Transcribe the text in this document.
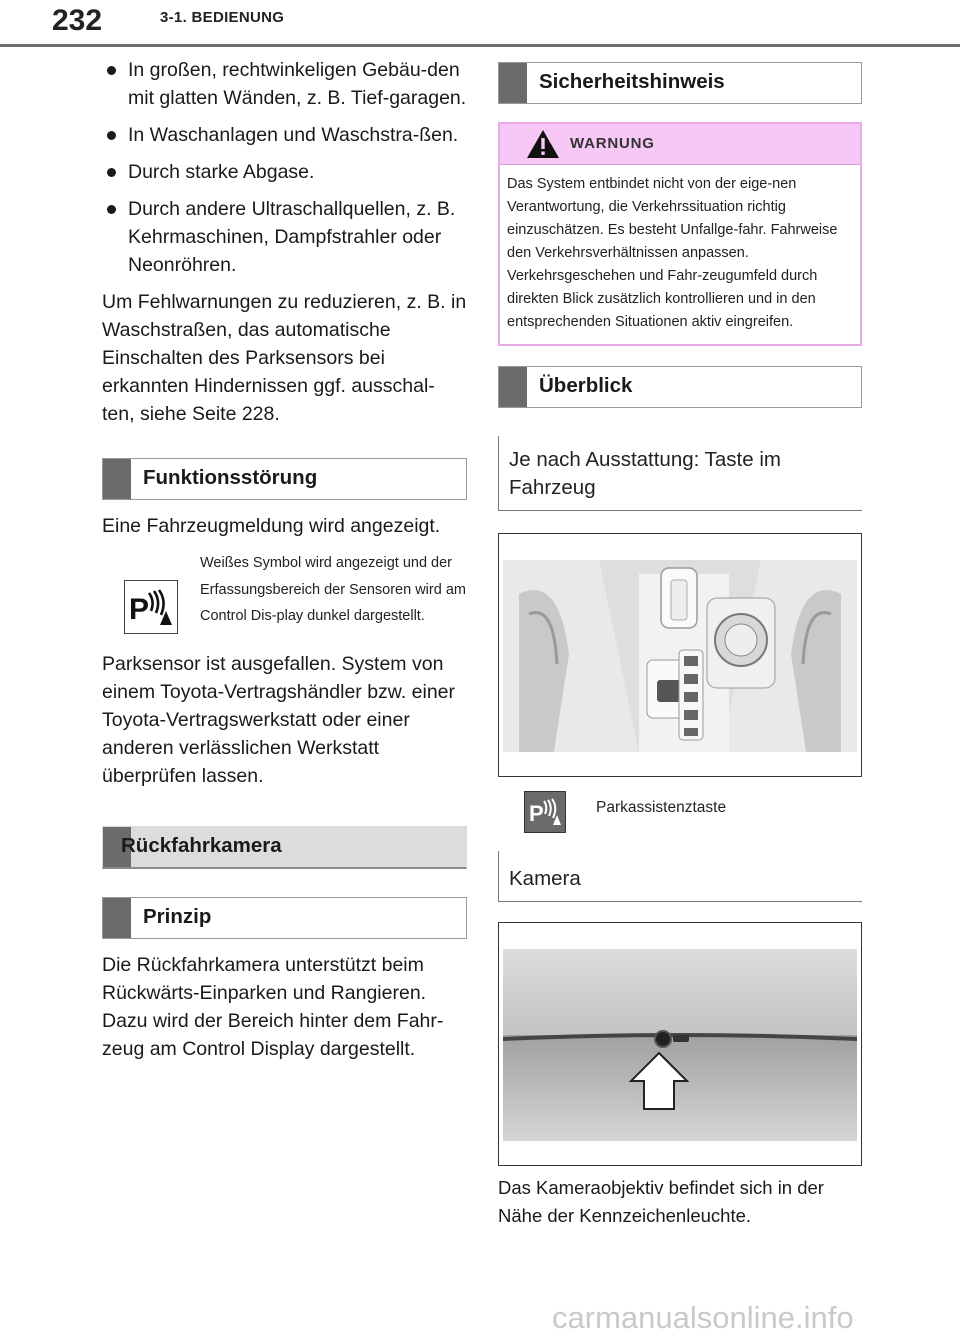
232	3-1. BEDIENUNG
In großen, rechtwinkeligen Gebäu-den mit glatten Wänden, z. B. Tief-garagen.
In Waschanlagen und Waschstra-ßen.
Durch starke Abgase.
Durch andere Ultraschallquellen, z. B. Kehrmaschinen, Dampfstrahler oder Neonröhren.

Um Fehlwarnungen zu reduzieren, z. B. in Waschstraßen, das automatische Einschalten des Parksensors bei erkannten Hindernissen ggf. ausschal-ten, siehe Seite 228.

Funktionsstörung

Eine Fahrzeugmeldung wird angezeigt.

P
Weißes Symbol wird angezeigt und der Erfassungsbereich der Sensoren wird am Control Dis-play dunkel dargestellt.

Parksensor ist ausgefallen. System von einem Toyota-Vertragshändler bzw. einer Toyota-Vertragswerkstatt oder einer anderen verlässlichen Werkstatt überprüfen lassen.

Rückfahrkamera
Prinzip

Die Rückfahrkamera unterstützt beim Rückwärts-Einparken und Rangieren. Dazu wird der Bereich hinter dem Fahr-zeug am Control Display dargestellt.

Sicherheitshinweis
WARNUNG
Das System entbindet nicht von der eige-nen Verantwortung, die Verkehrssituation richtig einzuschätzen. Es besteht Unfallge-fahr. Fahrweise den Verkehrsverhältnissen anpassen. Verkehrsgeschehen und Fahr-zeugumfeld durch direkten Blick zusätzlich kontrollieren und in den entsprechenden Situationen aktiv eingreifen.
Überblick
Je nach Ausstattung: Taste im Fahrzeug
P	Parkassistenztaste
Kamera

Das Kameraobjektiv befindet sich in der Nähe der Kennzeichenleuchte.

carmanualsonline.info
